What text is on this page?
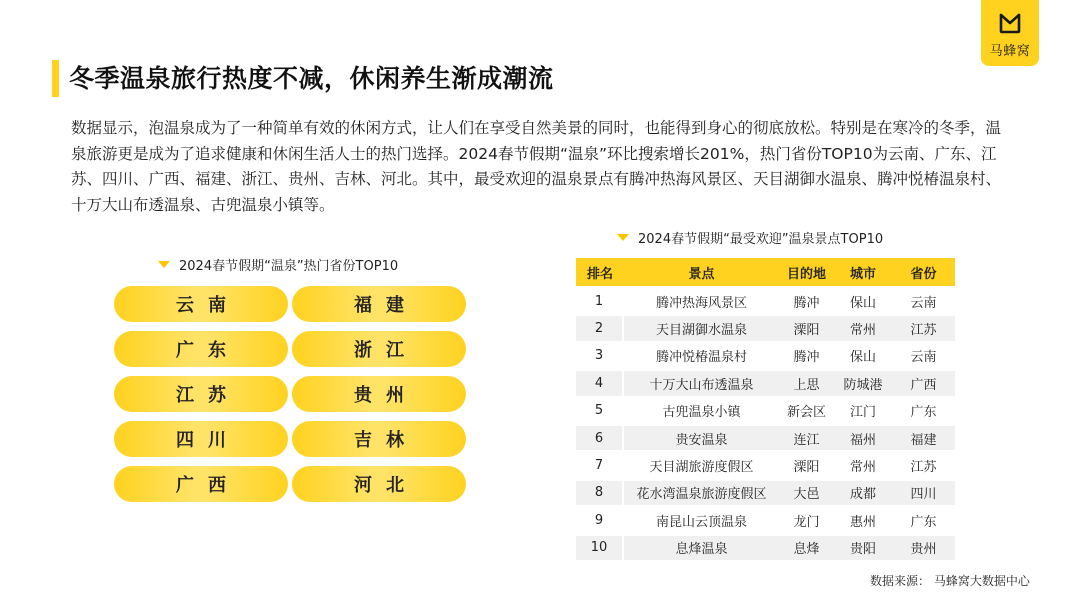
马蜂窝
冬季温泉旅行热度不减，休闲养生渐成潮流
数据显示，泡温泉成为了一种简单有效的休闲方式，让人们在享受自然美景的同时，也能得到身心的彻底放松。特别是在寒冷的冬季，温泉旅游更是成为了追求健康和休闲生活人士的热门选择。2024春节假期“温泉”环比搜索增长201%，热门省份TOP10为云南、广东、江苏、四川、广西、福建、浙江、贵州、吉林、河北。其中，最受欢迎的温泉景点有腾冲热海风景区、天目湖御水温泉、腾冲悦椿温泉村、十万大山布透温泉、古兜温泉小镇等。
2024春节假期“温泉”热门省份TOP10
云南	福建
广东	浙江
江苏	贵州
四川	吉林
广西	河北
2024春节假期“最受欢迎”温泉景点TOP10
排名	景点	目的地	城市	省份
1	腾冲热海风景区	腾冲	保山	云南
2	天目湖御水温泉	溧阳	常州	江苏
3	腾冲悦椿温泉村	腾冲	保山	云南
4	十万大山布透温泉	上思	防城港	广西
5	古兜温泉小镇	新会区	江门	广东
6	贵安温泉	连江	福州	福建
7	天目湖旅游度假区	溧阳	常州	江苏
8	花水湾温泉旅游度假区	大邑	成都	四川
9	南昆山云顶温泉	龙门	惠州	广东
10	息烽温泉	息烽	贵阳	贵州
数据来源： 马蜂窝大数据中心
